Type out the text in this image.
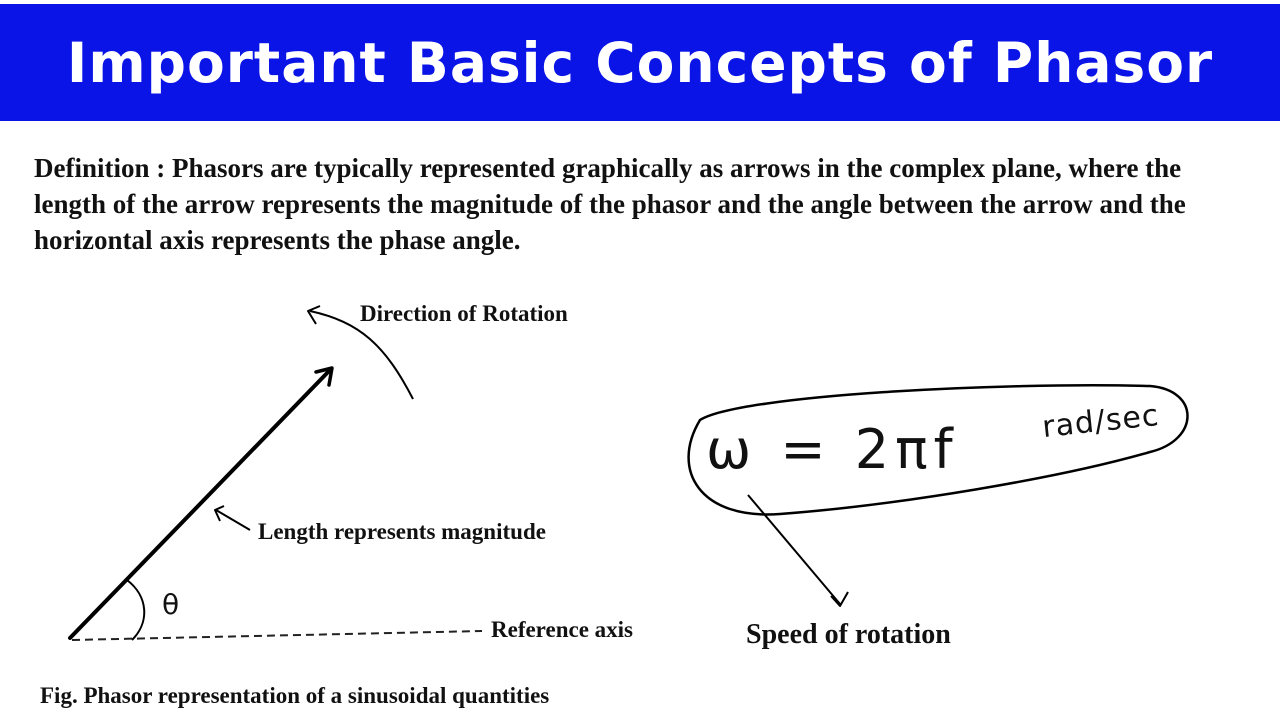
Important Basic Concepts of Phasor

Definition : Phasors are typically represented graphically as arrows in the complex plane, where the length of the arrow represents the magnitude of the phasor and the angle between the arrow and the horizontal axis represents the phase angle.

Direction of Rotation
Length represents magnitude
θ
Reference axis
Fig. Phasor representation of a sinusoidal quantities
ω = 2πf	rad/sec
Speed of rotation
